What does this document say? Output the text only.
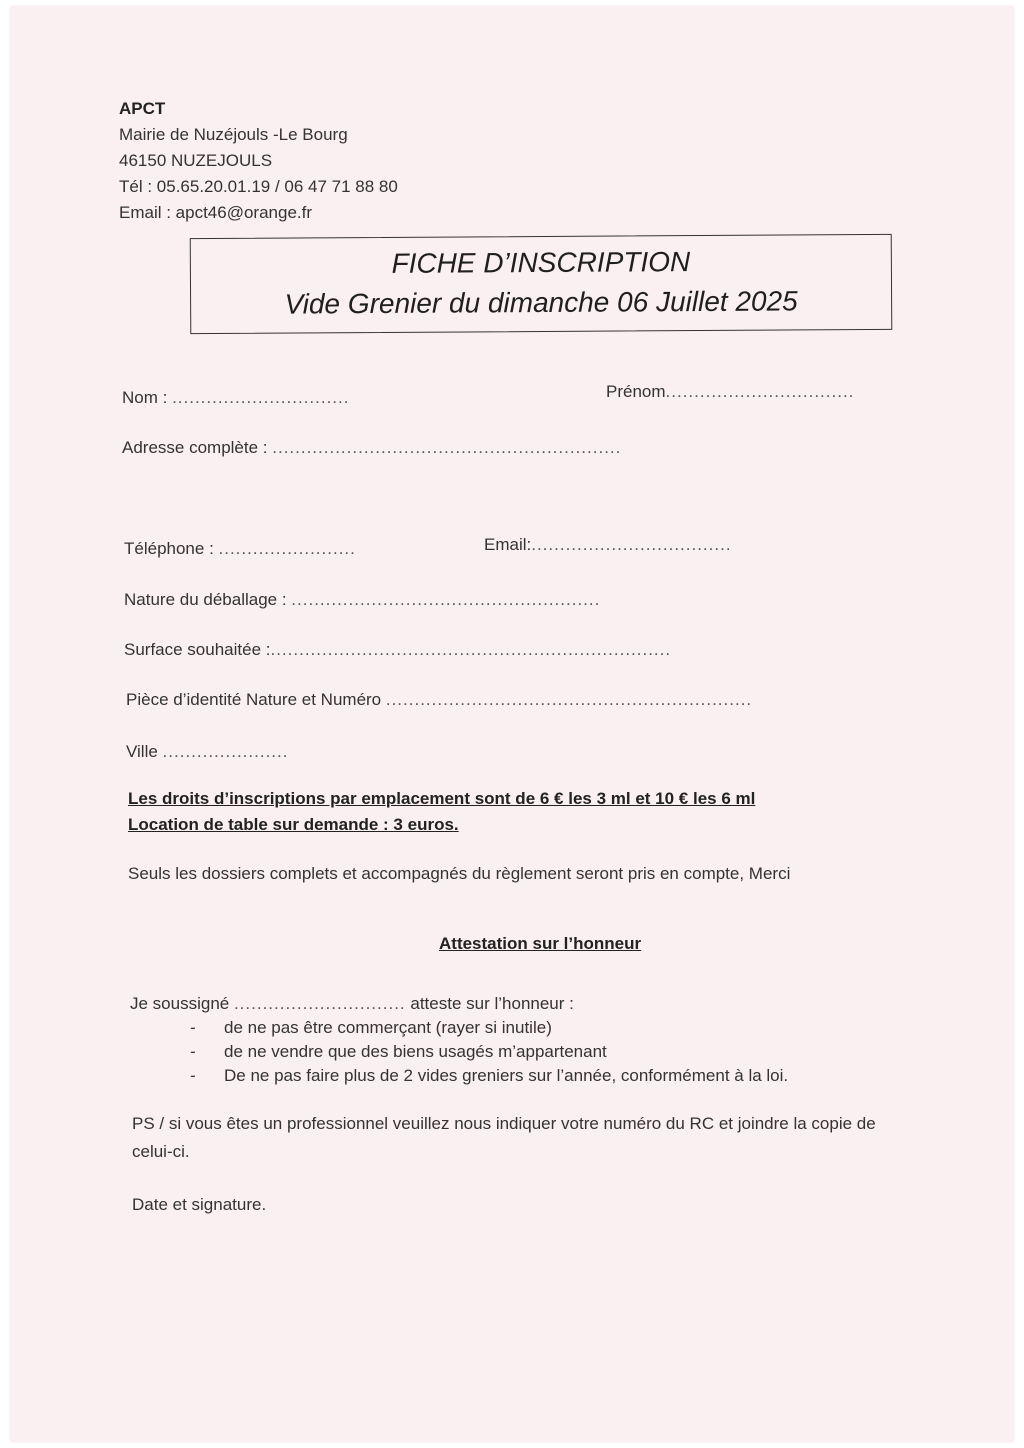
APCT
Mairie de Nuzéjouls -Le Bourg
46150 NUZEJOULS
Tél : 05.65.20.01.19 / 06 47 71 88 80
Email : apct46@orange.fr
FICHE D’INSCRIPTION
Vide Grenier du dimanche 06 Juillet 2025
Nom : ...............................	Prénom.................................
Adresse complète : .............................................................
Téléphone : ........................	Email:...................................
Nature du déballage : ......................................................
Surface souhaitée :......................................................................
Pièce d’identité Nature et Numéro ................................................................
Ville ......................
Les droits d’inscriptions par emplacement sont de 6 € les 3 ml et 10 € les 6 ml
Location de table sur demande : 3 euros.
Seuls les dossiers complets et accompagnés du règlement seront pris en compte, Merci
Attestation sur l’honneur
Je soussigné .............................. atteste sur l’honneur :
- de ne pas être commerçant (rayer si inutile)
- de ne vendre que des biens usagés m’appartenant
- De ne pas faire plus de 2 vides greniers sur l’année, conformément à la loi.
PS / si vous êtes un professionnel veuillez nous indiquer votre numéro du RC et joindre la copie de
celui-ci.
Date et signature.
